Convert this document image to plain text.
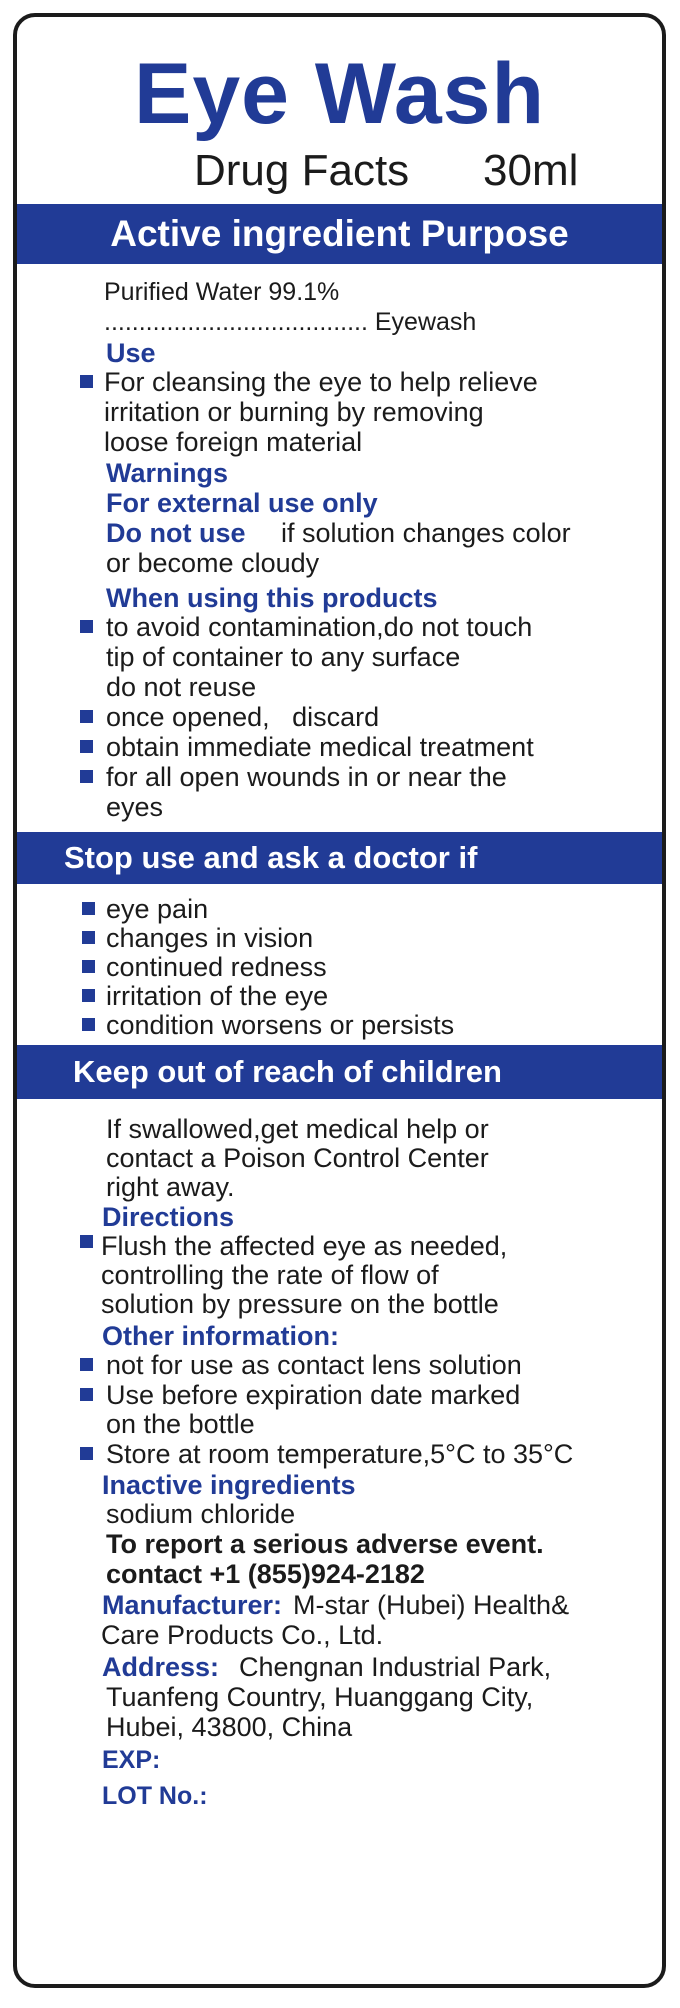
Eye Wash
Drug Facts 30ml
Active ingredient Purpose
Purified Water 99.1%
...................................... Eyewash
Use
For cleansing the eye to help relieve
irritation or burning by removing
loose foreign material
Warnings
For external use only
Do not use if solution changes color
or become cloudy
When using this products
to avoid contamination,do not touch
tip of container to any surface
do not reuse
once opened,   discard
obtain immediate medical treatment
for all open wounds in or near the
eyes
Stop use and ask a doctor if
eye pain
changes in vision
continued redness
irritation of the eye
condition worsens or persists
Keep out of reach of children
If swallowed,get medical help or
contact a Poison Control Center
right away.
Directions
Flush the affected eye as needed,
controlling the rate of flow of
solution by pressure on the bottle
Other information:
not for use as contact lens solution
Use before expiration date marked
on the bottle
Store at room temperature,5°C to 35°C
Inactive ingredients
sodium chloride
To report a serious adverse event.
contact +1 (855)924-2182
Manufacturer: M-star (Hubei) Health&
Care Products Co., Ltd.
Address: Chengnan Industrial Park,
Tuanfeng Country, Huanggang City,
Hubei, 43800, China
EXP:
LOT No.:
